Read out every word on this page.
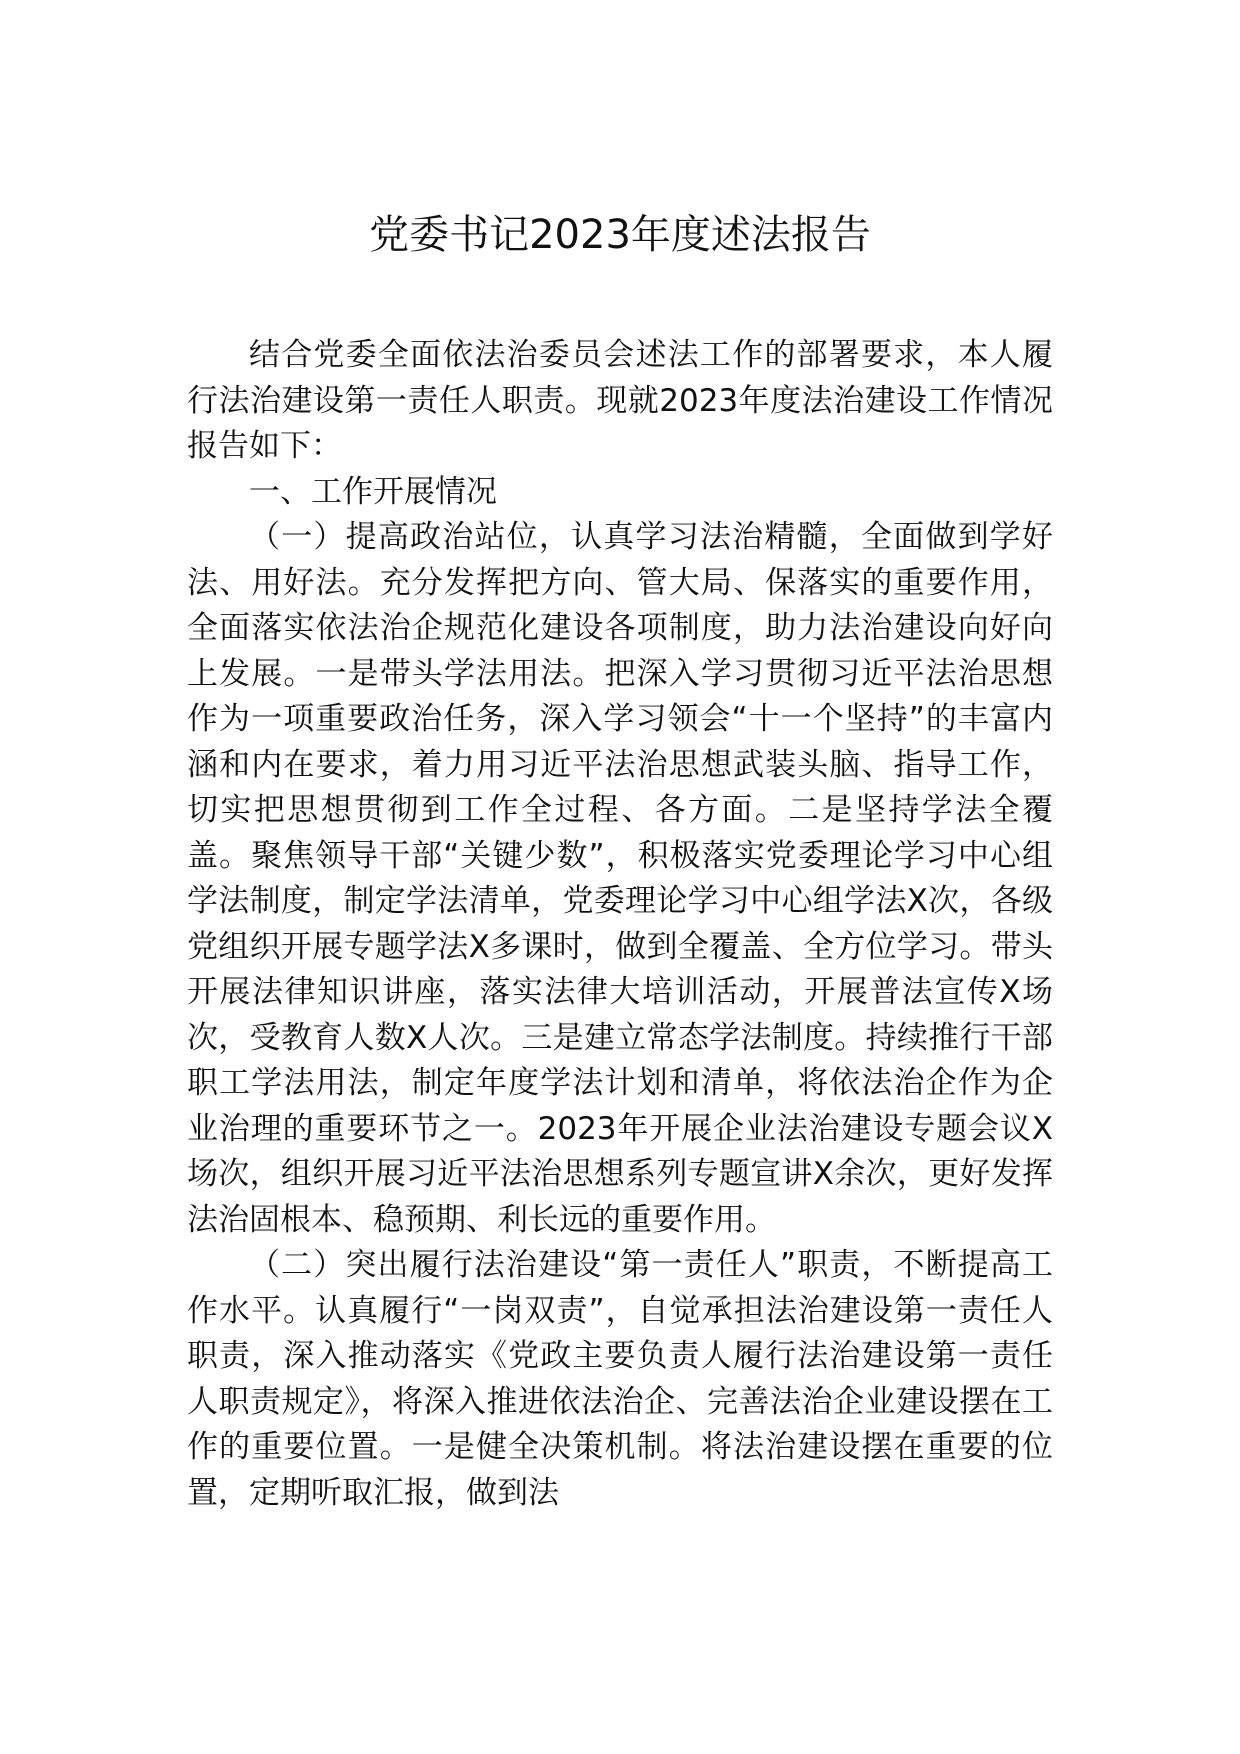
党委书记2023年度述法报告

结合党委全面依法治委员会述法工作的部署要求，本人履行法治建设第一责任人职责。现就2023年度法治建设工作情况报告如下：

一、工作开展情况

（一）提高政治站位，认真学习法治精髓，全面做到学好法、用好法。充分发挥把方向、管大局、保落实的重要作用，全面落实依法治企规范化建设各项制度，助力法治建设向好向上发展。一是带头学法用法。把深入学习贯彻习近平法治思想作为一项重要政治任务，深入学习领会“十一个坚持”的丰富内涵和内在要求，着力用习近平法治思想武装头脑、指导工作，切实把思想贯彻到工作全过程、各方面。二是坚持学法全覆盖。聚焦领导干部“关键少数”，积极落实党委理论学习中心组学法制度，制定学法清单，党委理论学习中心组学法X次，各级党组织开展专题学法X多课时，做到全覆盖、全方位学习。带头开展法律知识讲座，落实法律大培训活动，开展普法宣传X场次，受教育人数X人次。三是建立常态学法制度。持续推行干部职工学法用法，制定年度学法计划和清单，将依法治企作为企业治理的重要环节之一。2023年开展企业法治建设专题会议X场次，组织开展习近平法治思想系列专题宣讲X余次，更好发挥法治固根本、稳预期、利长远的重要作用。

（二）突出履行法治建设“第一责任人”职责，不断提高工作水平。认真履行“一岗双责”，自觉承担法治建设第一责任人职责，深入推动落实《党政主要负责人履行法治建设第一责任人职责规定》，将深入推进依法治企、完善法治企业建设摆在工作的重要位置。一是健全决策机制。将法治建设摆在重要的位置，定期听取汇报，做到法
